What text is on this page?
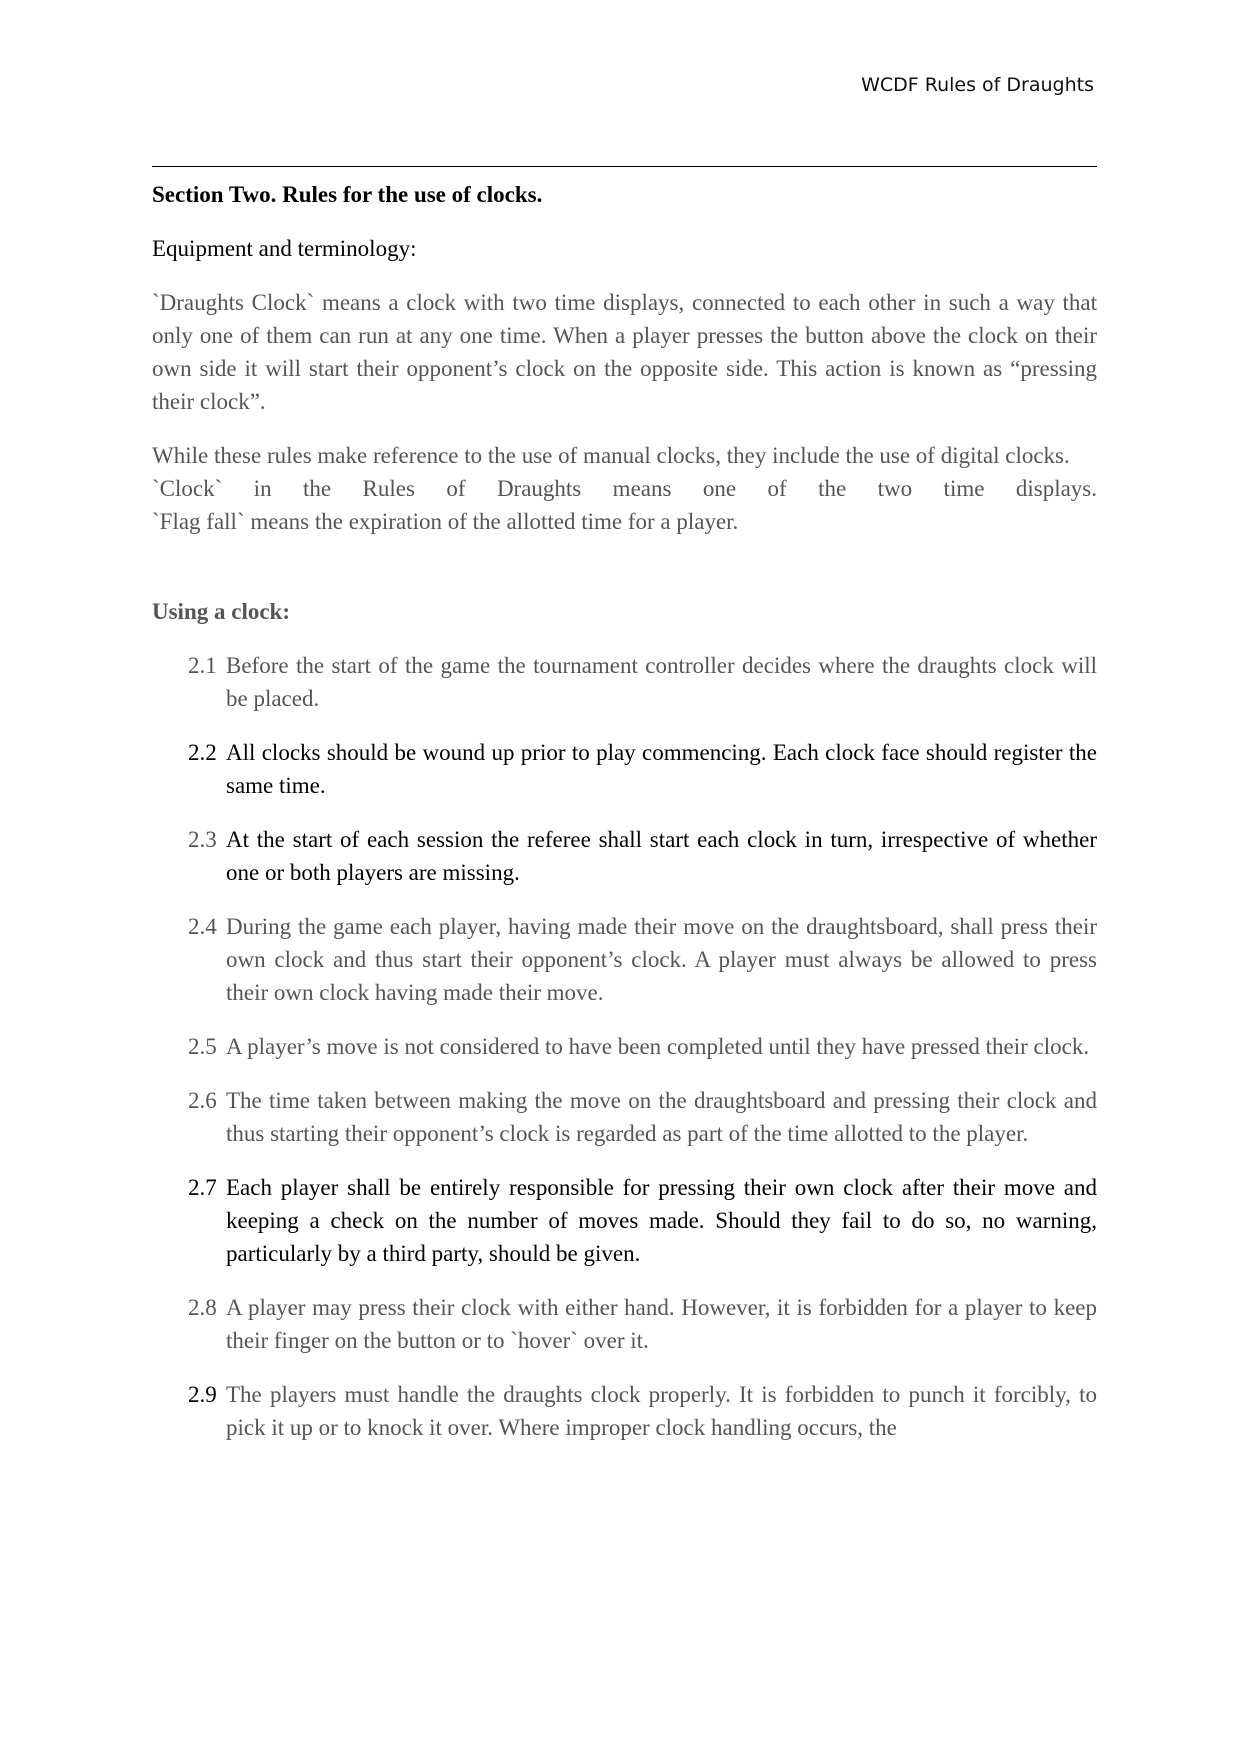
WCDF Rules of Draughts
Section Two. Rules for the use of clocks.
Equipment and terminology:
`Draughts Clock` means a clock with two time displays, connected to each other in such a way that only one of them can run at any one time. When a player presses the button above the clock on their own side it will start their opponent’s clock on the opposite side. This action is known as “pressing their clock”.
While these rules make reference to the use of manual clocks, they include the use of digital clocks.
`Clock` in the Rules of Draughts means one of the two time displays.
`Flag fall` means the expiration of the allotted time for a player.
Using a clock:
2.1 Before the start of the game the tournament controller decides where the draughts clock will be placed.
2.2 All clocks should be wound up prior to play commencing. Each clock face should register the same time.
2.3 At the start of each session the referee shall start each clock in turn, irrespective of whether one or both players are missing.
2.4 During the game each player, having made their move on the draughtsboard, shall press their own clock and thus start their opponent’s clock. A player must always be allowed to press their own clock having made their move.
2.5 A player’s move is not considered to have been completed until they have pressed their clock.
2.6 The time taken between making the move on the draughtsboard and pressing their clock and thus starting their opponent’s clock is regarded as part of the time allotted to the player.
2.7 Each player shall be entirely responsible for pressing their own clock after their move and keeping a check on the number of moves made. Should they fail to do so, no warning, particularly by a third party, should be given.
2.8 A player may press their clock with either hand. However, it is forbidden for a player to keep their finger on the button or to `hover` over it.
2.9 The players must handle the draughts clock properly. It is forbidden to punch it forcibly, to pick it up or to knock it over. Where improper clock handling occurs, the
